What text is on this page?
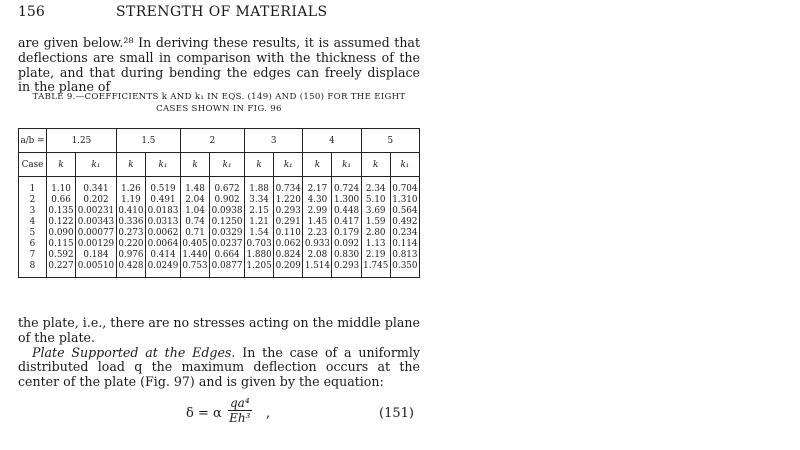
156	STRENGTH OF MATERIALS

are given below.²⁸ In deriving these results, it is assumed that deflections are small in comparison with the thickness of the plate, and that during bending the edges can freely displace in the plane of

TABLE 9.—COEFFICIENTS k AND k₁ IN EQS. (149) AND (150) FOR THE EIGHT CASES SHOWN IN FIG. 96
a/b =	1.25		1.5		2		3		4		5	
Case	k	k₁	k	k₁	k	k₁	k	k₁	k	k₁	k	k₁
1	1.10	0.341	1.26	0.519	1.48	0.672	1.88	0.734	2.17	0.724	2.34	0.704
2	0.66	0.202	1.19	0.491	2.04	0.902	3.34	1.220	4.30	1.300	5.10	1.310
3	0.135	0.00231	0.410	0.0183	1.04	0.0938	2.15	0.293	2.99	0.448	3.69	0.564
4	0.122	0.00343	0.336	0.0313	0.74	0.1250	1.21	0.291	1.45	0.417	1.59	0.492
5	0.090	0.00077	0.273	0.0062	0.71	0.0329	1.54	0.110	2.23	0.179	2.80	0.234
6	0.115	0.00129	0.220	0.0064	0.405	0.0237	0.703	0.062	0.933	0.092	1.13	0.114
7	0.592	0.184	0.976	0.414	1.440	0.664	1.880	0.824	2.08	0.830	2.19	0.813
8	0.227	0.00510	0.428	0.0249	0.753	0.0877	1.205	0.209	1.514	0.293	1.745	0.350

the plate, i.e., there are no stresses acting on the middle plane of the plate.

Plate Supported at the Edges. In the case of a uniformly distributed load q the maximum deflection occurs at the center of the plate (Fig. 97) and is given by the equation:

δ = α $\frac{\text{qa⁴}}{\text{Eh³}}$ ,	(151)
